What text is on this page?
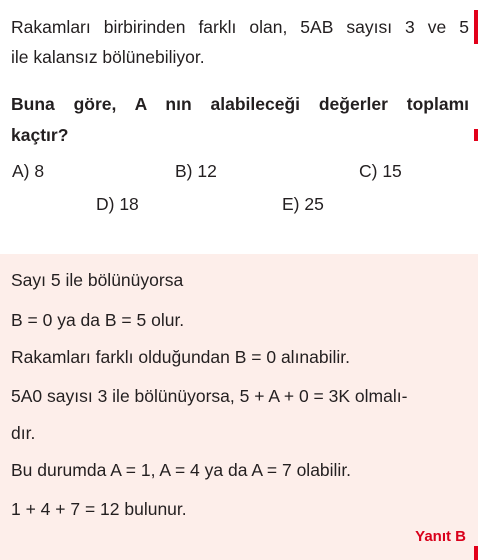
Rakamları birbirinden farklı olan, 5AB sayısı 3 ve 5
ile kalansız bölünebiliyor.
Buna göre, A nın alabileceği değerler toplamı
kaçtır?
A) 8	B) 12	C) 15
D) 18	E) 25
Sayı 5 ile bölünüyorsa
B = 0 ya da B = 5 olur.
Rakamları farklı olduğundan B = 0 alınabilir.
5A0 sayısı 3 ile bölünüyorsa, 5 + A + 0 = 3K olmalı-
dır.
Bu durumda A = 1, A = 4 ya da A = 7 olabilir.
1 + 4 + 7 = 12 bulunur.
Yanıt B
